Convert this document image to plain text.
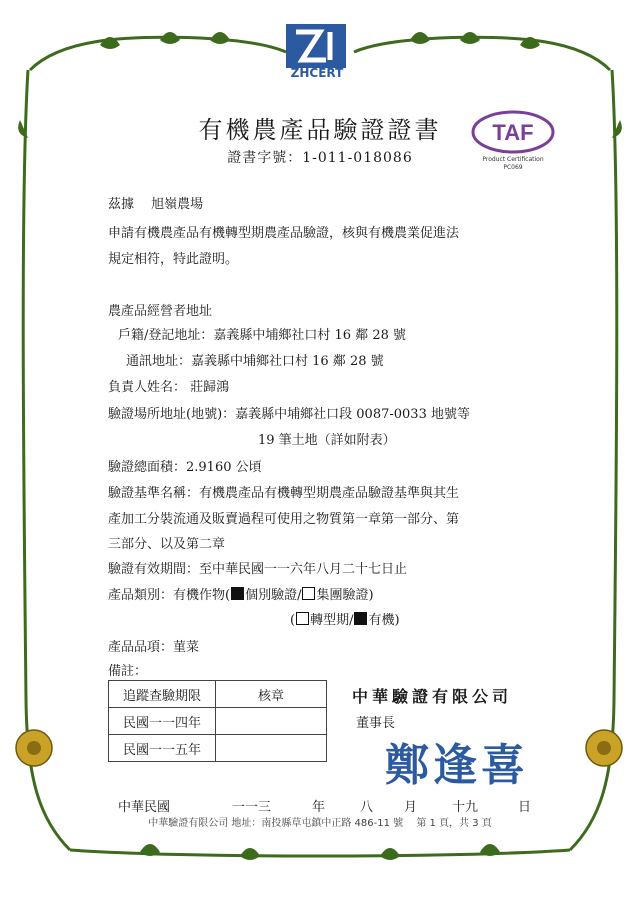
ZHCERT
有機農產品驗證證書
證書字號：1-011-018086
TAF
Product Certification
PC069
茲據　 旭嶺農場
申請有機農產品有機轉型期農產品驗證，核與有機農業促進法
規定相符，特此證明。
農產品經營者地址
戶籍/登記地址：嘉義縣中埔鄉社口村 16 鄰 28 號
通訊地址：嘉義縣中埔鄉社口村 16 鄰 28 號
負責人姓名： 莊歸鴻
驗證場所地址(地號)：嘉義縣中埔鄉社口段 0087-0033 地號等
19 筆土地（詳如附表）
驗證總面積：2.9160 公頃
驗證基準名稱：有機農產品有機轉型期農產品驗證基準與其生
產加工分裝流通及販賣過程可使用之物質第一章第一部分、第
三部分、以及第二章
驗證有效期間：至中華民國一一六年八月二十七日止
產品類別：有機作物( 個別驗證/ 集團驗證)
( 轉型期/ 有機)
產品品項：菫菜
備註：
追蹤查驗期限	核章
民國一一四年	
民國一一五年	
中華驗證有限公司
董事長
鄭逢喜
中華民國	一一三	年	八 月	十九	日
中華驗證有限公司 地址：南投縣草屯鎮中正路 486-11 號　 第 1 頁，共 3 頁
